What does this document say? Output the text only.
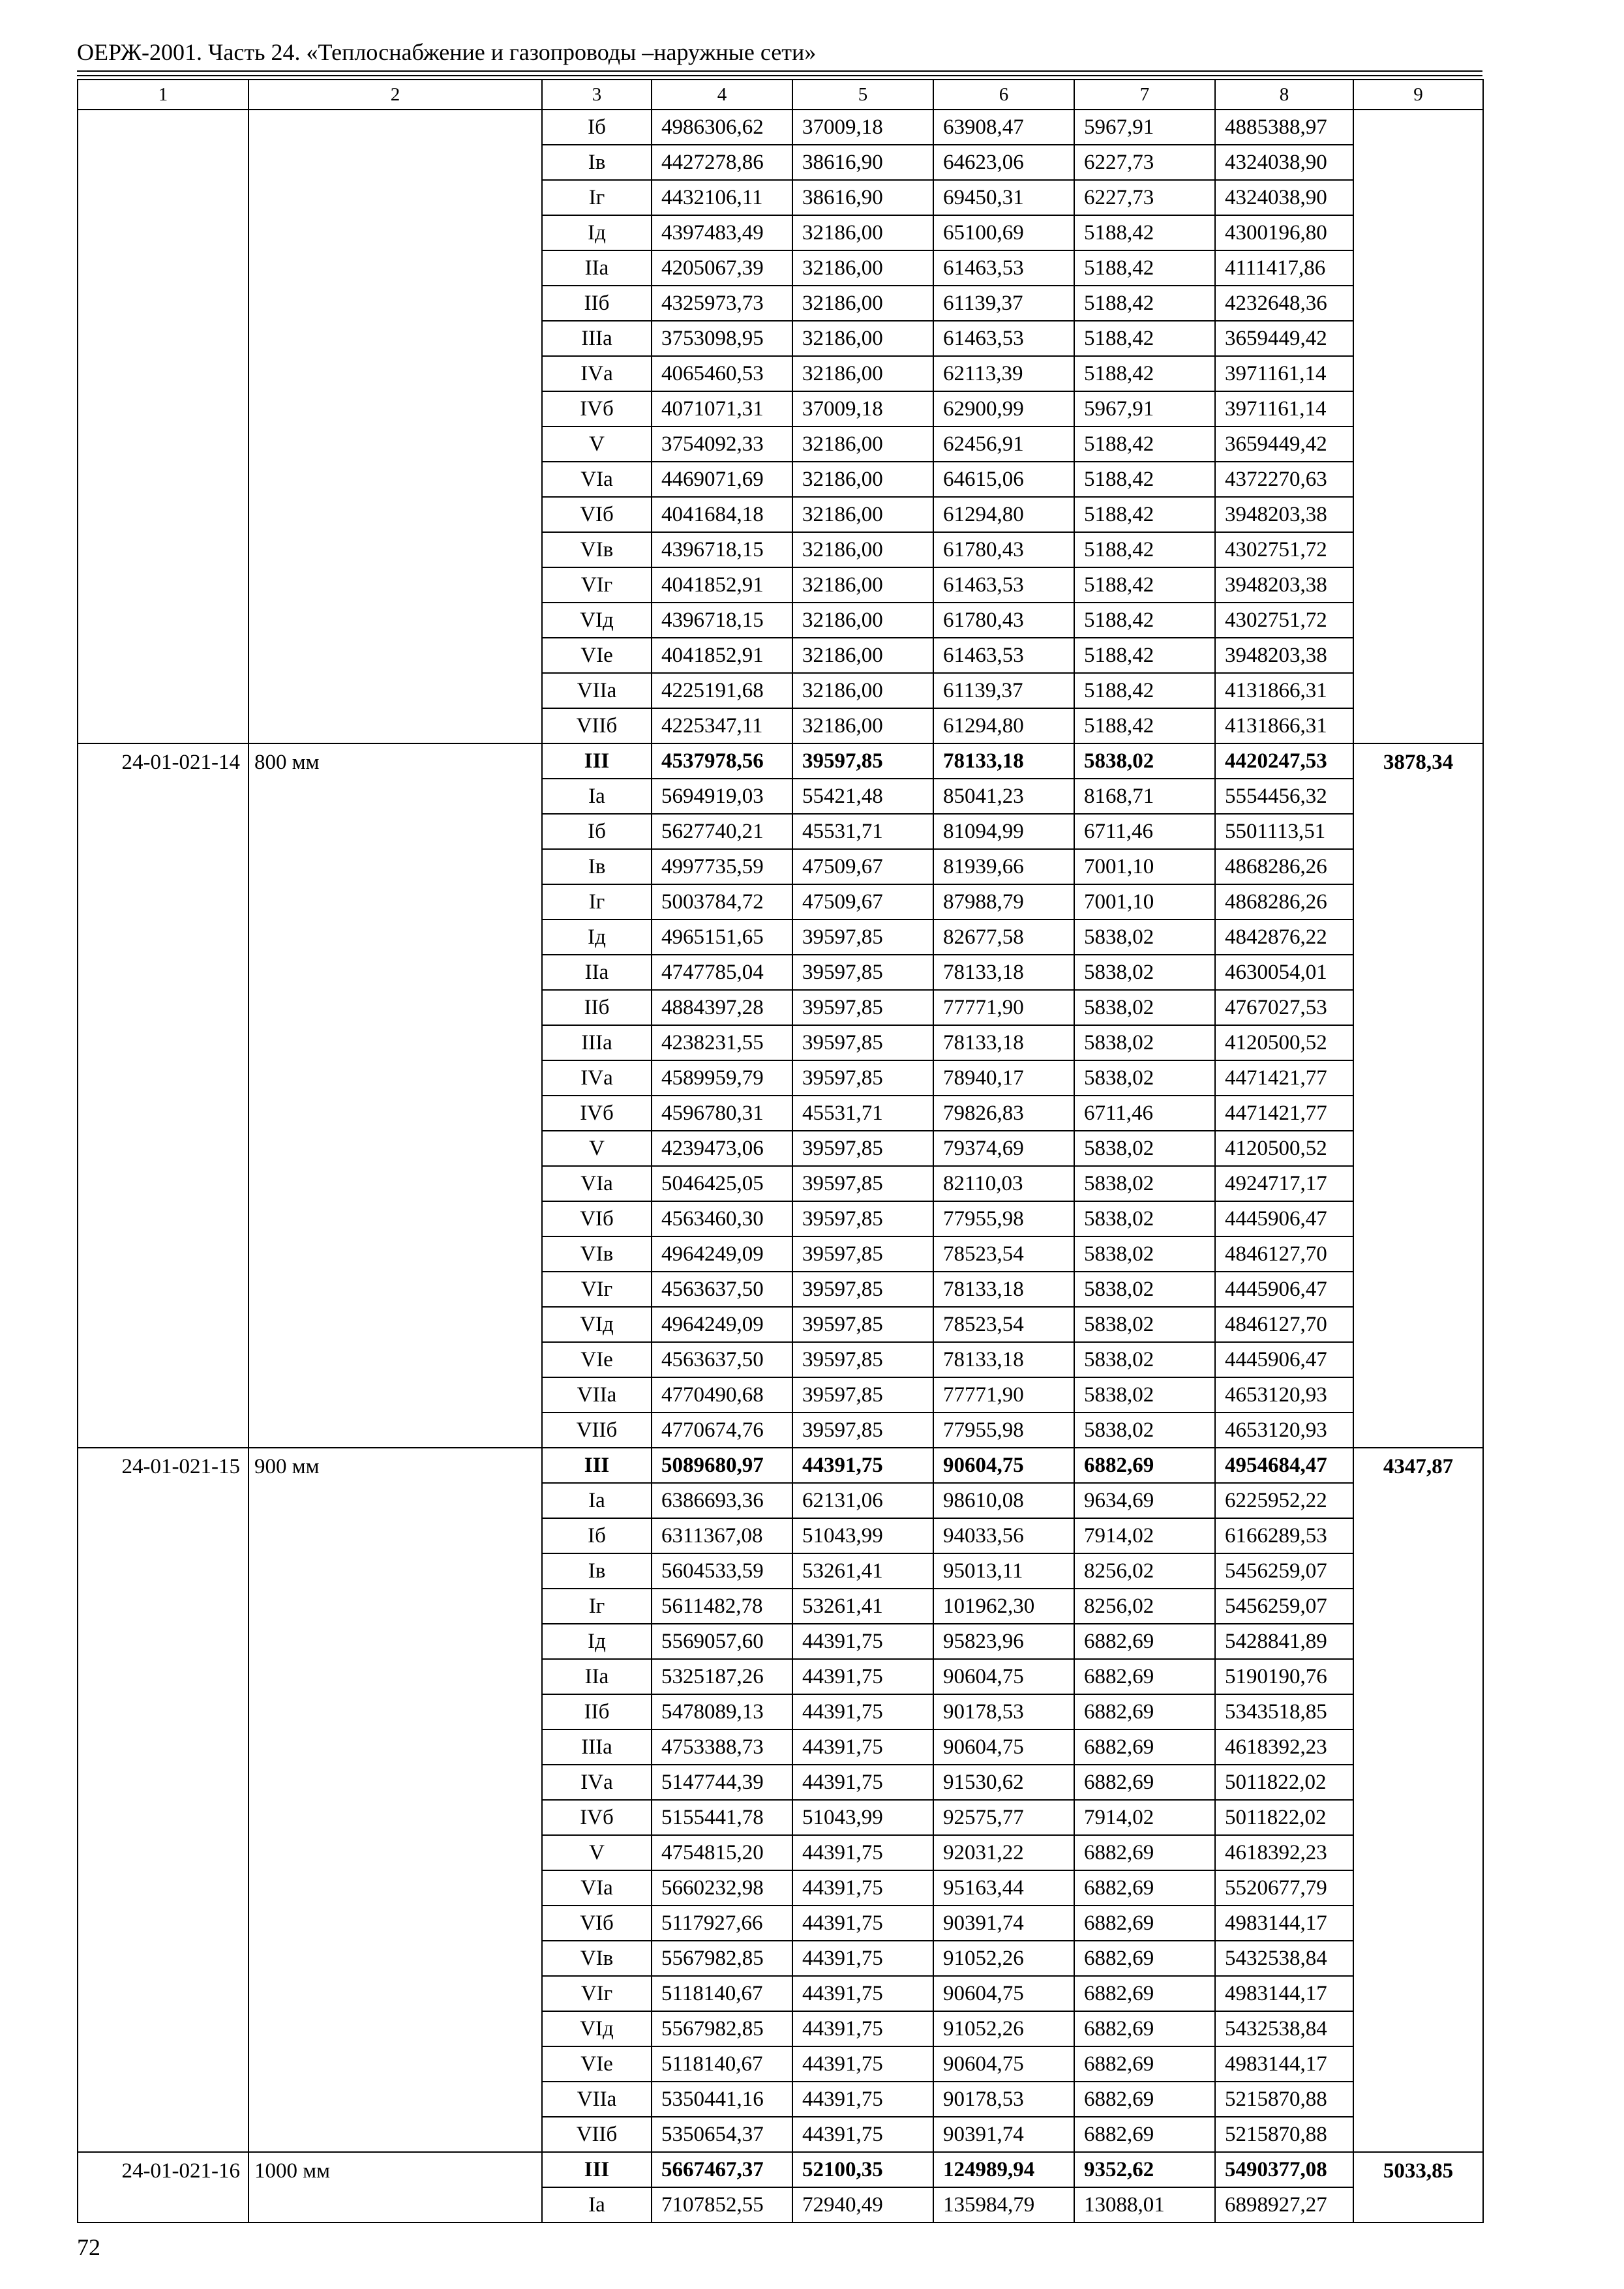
ОЕРЖ-2001. Часть 24. «Теплоснабжение и газопроводы –наружные сети»
1	2	3	4	5	6	7	8	9
		Iб	4986306,62	37009,18	63908,47	5967,91	4885388,97	
		Iв	4427278,86	38616,90	64623,06	6227,73	4324038,90	
		Iг	4432106,11	38616,90	69450,31	6227,73	4324038,90	
		Iд	4397483,49	32186,00	65100,69	5188,42	4300196,80	
		IIа	4205067,39	32186,00	61463,53	5188,42	4111417,86	
		IIб	4325973,73	32186,00	61139,37	5188,42	4232648,36	
		IIIа	3753098,95	32186,00	61463,53	5188,42	3659449,42	
		IVа	4065460,53	32186,00	62113,39	5188,42	3971161,14	
		IVб	4071071,31	37009,18	62900,99	5967,91	3971161,14	
		V	3754092,33	32186,00	62456,91	5188,42	3659449,42	
		VIа	4469071,69	32186,00	64615,06	5188,42	4372270,63	
		VIб	4041684,18	32186,00	61294,80	5188,42	3948203,38	
		VIв	4396718,15	32186,00	61780,43	5188,42	4302751,72	
		VIг	4041852,91	32186,00	61463,53	5188,42	3948203,38	
		VIд	4396718,15	32186,00	61780,43	5188,42	4302751,72	
		VIе	4041852,91	32186,00	61463,53	5188,42	3948203,38	
		VIIа	4225191,68	32186,00	61139,37	5188,42	4131866,31	
		VIIб	4225347,11	32186,00	61294,80	5188,42	4131866,31	
24-01-021-14	800 мм	III	4537978,56	39597,85	78133,18	5838,02	4420247,53	3878,34
		Iа	5694919,03	55421,48	85041,23	8168,71	5554456,32	
		Iб	5627740,21	45531,71	81094,99	6711,46	5501113,51	
		Iв	4997735,59	47509,67	81939,66	7001,10	4868286,26	
		Iг	5003784,72	47509,67	87988,79	7001,10	4868286,26	
		Iд	4965151,65	39597,85	82677,58	5838,02	4842876,22	
		IIа	4747785,04	39597,85	78133,18	5838,02	4630054,01	
		IIб	4884397,28	39597,85	77771,90	5838,02	4767027,53	
		IIIа	4238231,55	39597,85	78133,18	5838,02	4120500,52	
		IVа	4589959,79	39597,85	78940,17	5838,02	4471421,77	
		IVб	4596780,31	45531,71	79826,83	6711,46	4471421,77	
		V	4239473,06	39597,85	79374,69	5838,02	4120500,52	
		VIа	5046425,05	39597,85	82110,03	5838,02	4924717,17	
		VIб	4563460,30	39597,85	77955,98	5838,02	4445906,47	
		VIв	4964249,09	39597,85	78523,54	5838,02	4846127,70	
		VIг	4563637,50	39597,85	78133,18	5838,02	4445906,47	
		VIд	4964249,09	39597,85	78523,54	5838,02	4846127,70	
		VIе	4563637,50	39597,85	78133,18	5838,02	4445906,47	
		VIIа	4770490,68	39597,85	77771,90	5838,02	4653120,93	
		VIIб	4770674,76	39597,85	77955,98	5838,02	4653120,93	
24-01-021-15	900 мм	III	5089680,97	44391,75	90604,75	6882,69	4954684,47	4347,87
		Iа	6386693,36	62131,06	98610,08	9634,69	6225952,22	
		Iб	6311367,08	51043,99	94033,56	7914,02	6166289,53	
		Iв	5604533,59	53261,41	95013,11	8256,02	5456259,07	
		Iг	5611482,78	53261,41	101962,30	8256,02	5456259,07	
		Iд	5569057,60	44391,75	95823,96	6882,69	5428841,89	
		IIа	5325187,26	44391,75	90604,75	6882,69	5190190,76	
		IIб	5478089,13	44391,75	90178,53	6882,69	5343518,85	
		IIIа	4753388,73	44391,75	90604,75	6882,69	4618392,23	
		IVа	5147744,39	44391,75	91530,62	6882,69	5011822,02	
		IVб	5155441,78	51043,99	92575,77	7914,02	5011822,02	
		V	4754815,20	44391,75	92031,22	6882,69	4618392,23	
		VIа	5660232,98	44391,75	95163,44	6882,69	5520677,79	
		VIб	5117927,66	44391,75	90391,74	6882,69	4983144,17	
		VIв	5567982,85	44391,75	91052,26	6882,69	5432538,84	
		VIг	5118140,67	44391,75	90604,75	6882,69	4983144,17	
		VIд	5567982,85	44391,75	91052,26	6882,69	5432538,84	
		VIе	5118140,67	44391,75	90604,75	6882,69	4983144,17	
		VIIа	5350441,16	44391,75	90178,53	6882,69	5215870,88	
		VIIб	5350654,37	44391,75	90391,74	6882,69	5215870,88	
24-01-021-16	1000 мм	III	5667467,37	52100,35	124989,94	9352,62	5490377,08	5033,85
		Iа	7107852,55	72940,49	135984,79	13088,01	6898927,27	
72
